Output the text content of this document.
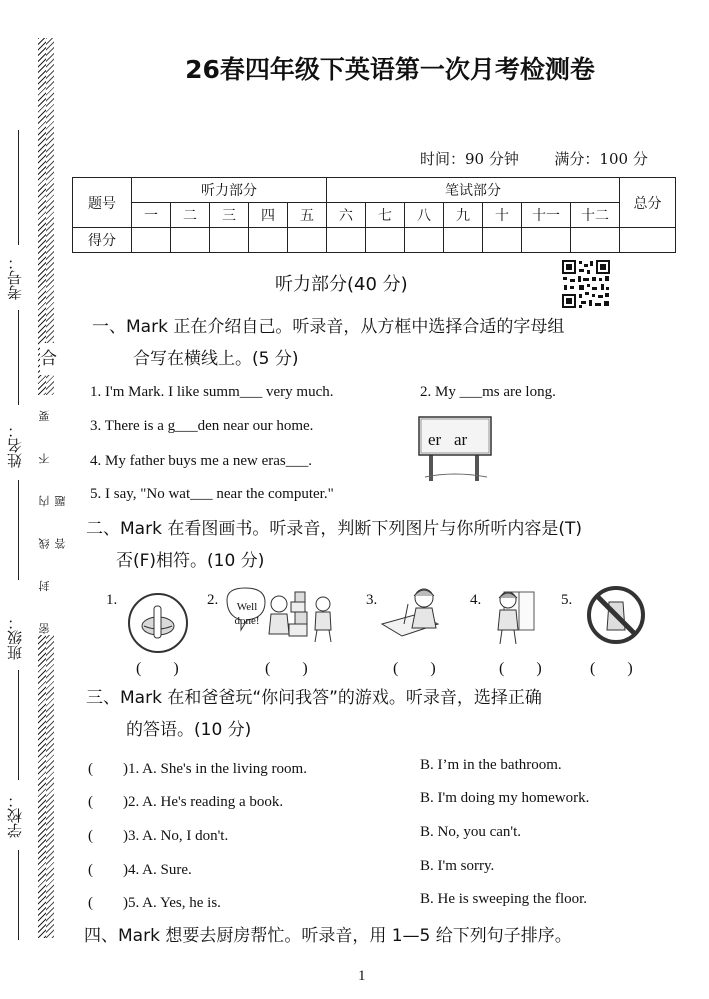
考号：
姓名：
班级：
学校：
密 封 线 内 不 要 答 题
26春四年级下英语第一次月考检测卷
时间：90 分钟 满分：100 分
题号	听力部分					笔试部分							总分
	一	二	三	四	五	六	七	八	九	十	十一	十二	
得分													
听力部分(40 分)
一、Mark 正在介绍自己。听录音，从方框中选择合适的字母组
合	合写在横线上。(5 分)
1. I'm Mark. I like summ___ very much.	2. My ___ms are long.
3. There is a g___den near our home.
4. My father buys me a new eras___.
5. I say, "No wat___ near the computer."
er   ar
二、Mark 在看图画书。听录音，判断下列图片与你所听内容是(T)
否(F)相符。(10 分)
1.	2.	3.	4.	5.
Well done!
(　　)	(　　)	(　　)	(　　)	(　　)
三、Mark 在和爸爸玩“你问我答”的游戏。听录音，选择正确
的答语。(10 分)
(　　)1. A. She's in the living room.	B. I’m in the bathroom.
(　　)2. A. He's reading a book.	B. I'm doing my homework.
(　　)3. A. No, I don't.	B. No, you can't.
(　　)4. A. Sure.	B. I'm sorry.
(　　)5. A. Yes, he is.	B. He is sweeping the floor.
四、Mark 想要去厨房帮忙。听录音，用 1—5 给下列句子排序。
1
